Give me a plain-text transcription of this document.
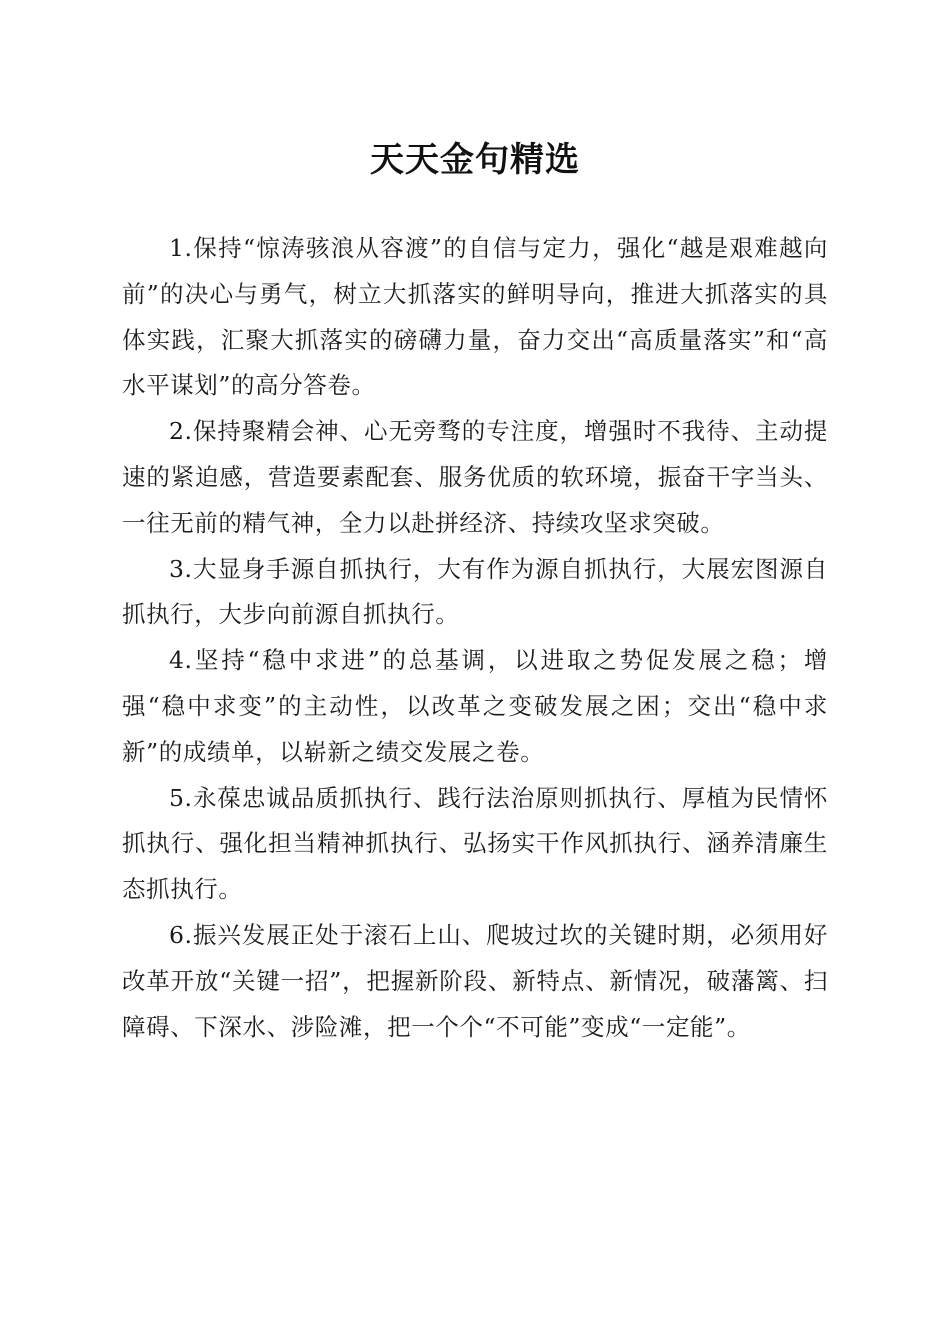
天天金句精选

1.保持“惊涛骇浪从容渡”的自信与定力，强化“越是艰难越向前”的决心与勇气，树立大抓落实的鲜明导向，推进大抓落实的具体实践，汇聚大抓落实的磅礴力量，奋力交出“高质量落实”和“高水平谋划”的高分答卷。

2.保持聚精会神、心无旁骛的专注度，增强时不我待、主动提速的紧迫感，营造要素配套、服务优质的软环境，振奋干字当头、一往无前的精气神，全力以赴拼经济、持续攻坚求突破。

3.大显身手源自抓执行，大有作为源自抓执行，大展宏图源自抓执行，大步向前源自抓执行。

4.坚持“稳中求进”的总基调，以进取之势促发展之稳；增强“稳中求变”的主动性，以改革之变破发展之困；交出“稳中求新”的成绩单，以崭新之绩交发展之卷。

5.永葆忠诚品质抓执行、践行法治原则抓执行、厚植为民情怀抓执行、强化担当精神抓执行、弘扬实干作风抓执行、涵养清廉生态抓执行。

6.振兴发展正处于滚石上山、爬坡过坎的关键时期，必须用好改革开放“关键一招”，把握新阶段、新特点、新情况，破藩篱、扫障碍、下深水、涉险滩，把一个个“不可能”变成“一定能”。
